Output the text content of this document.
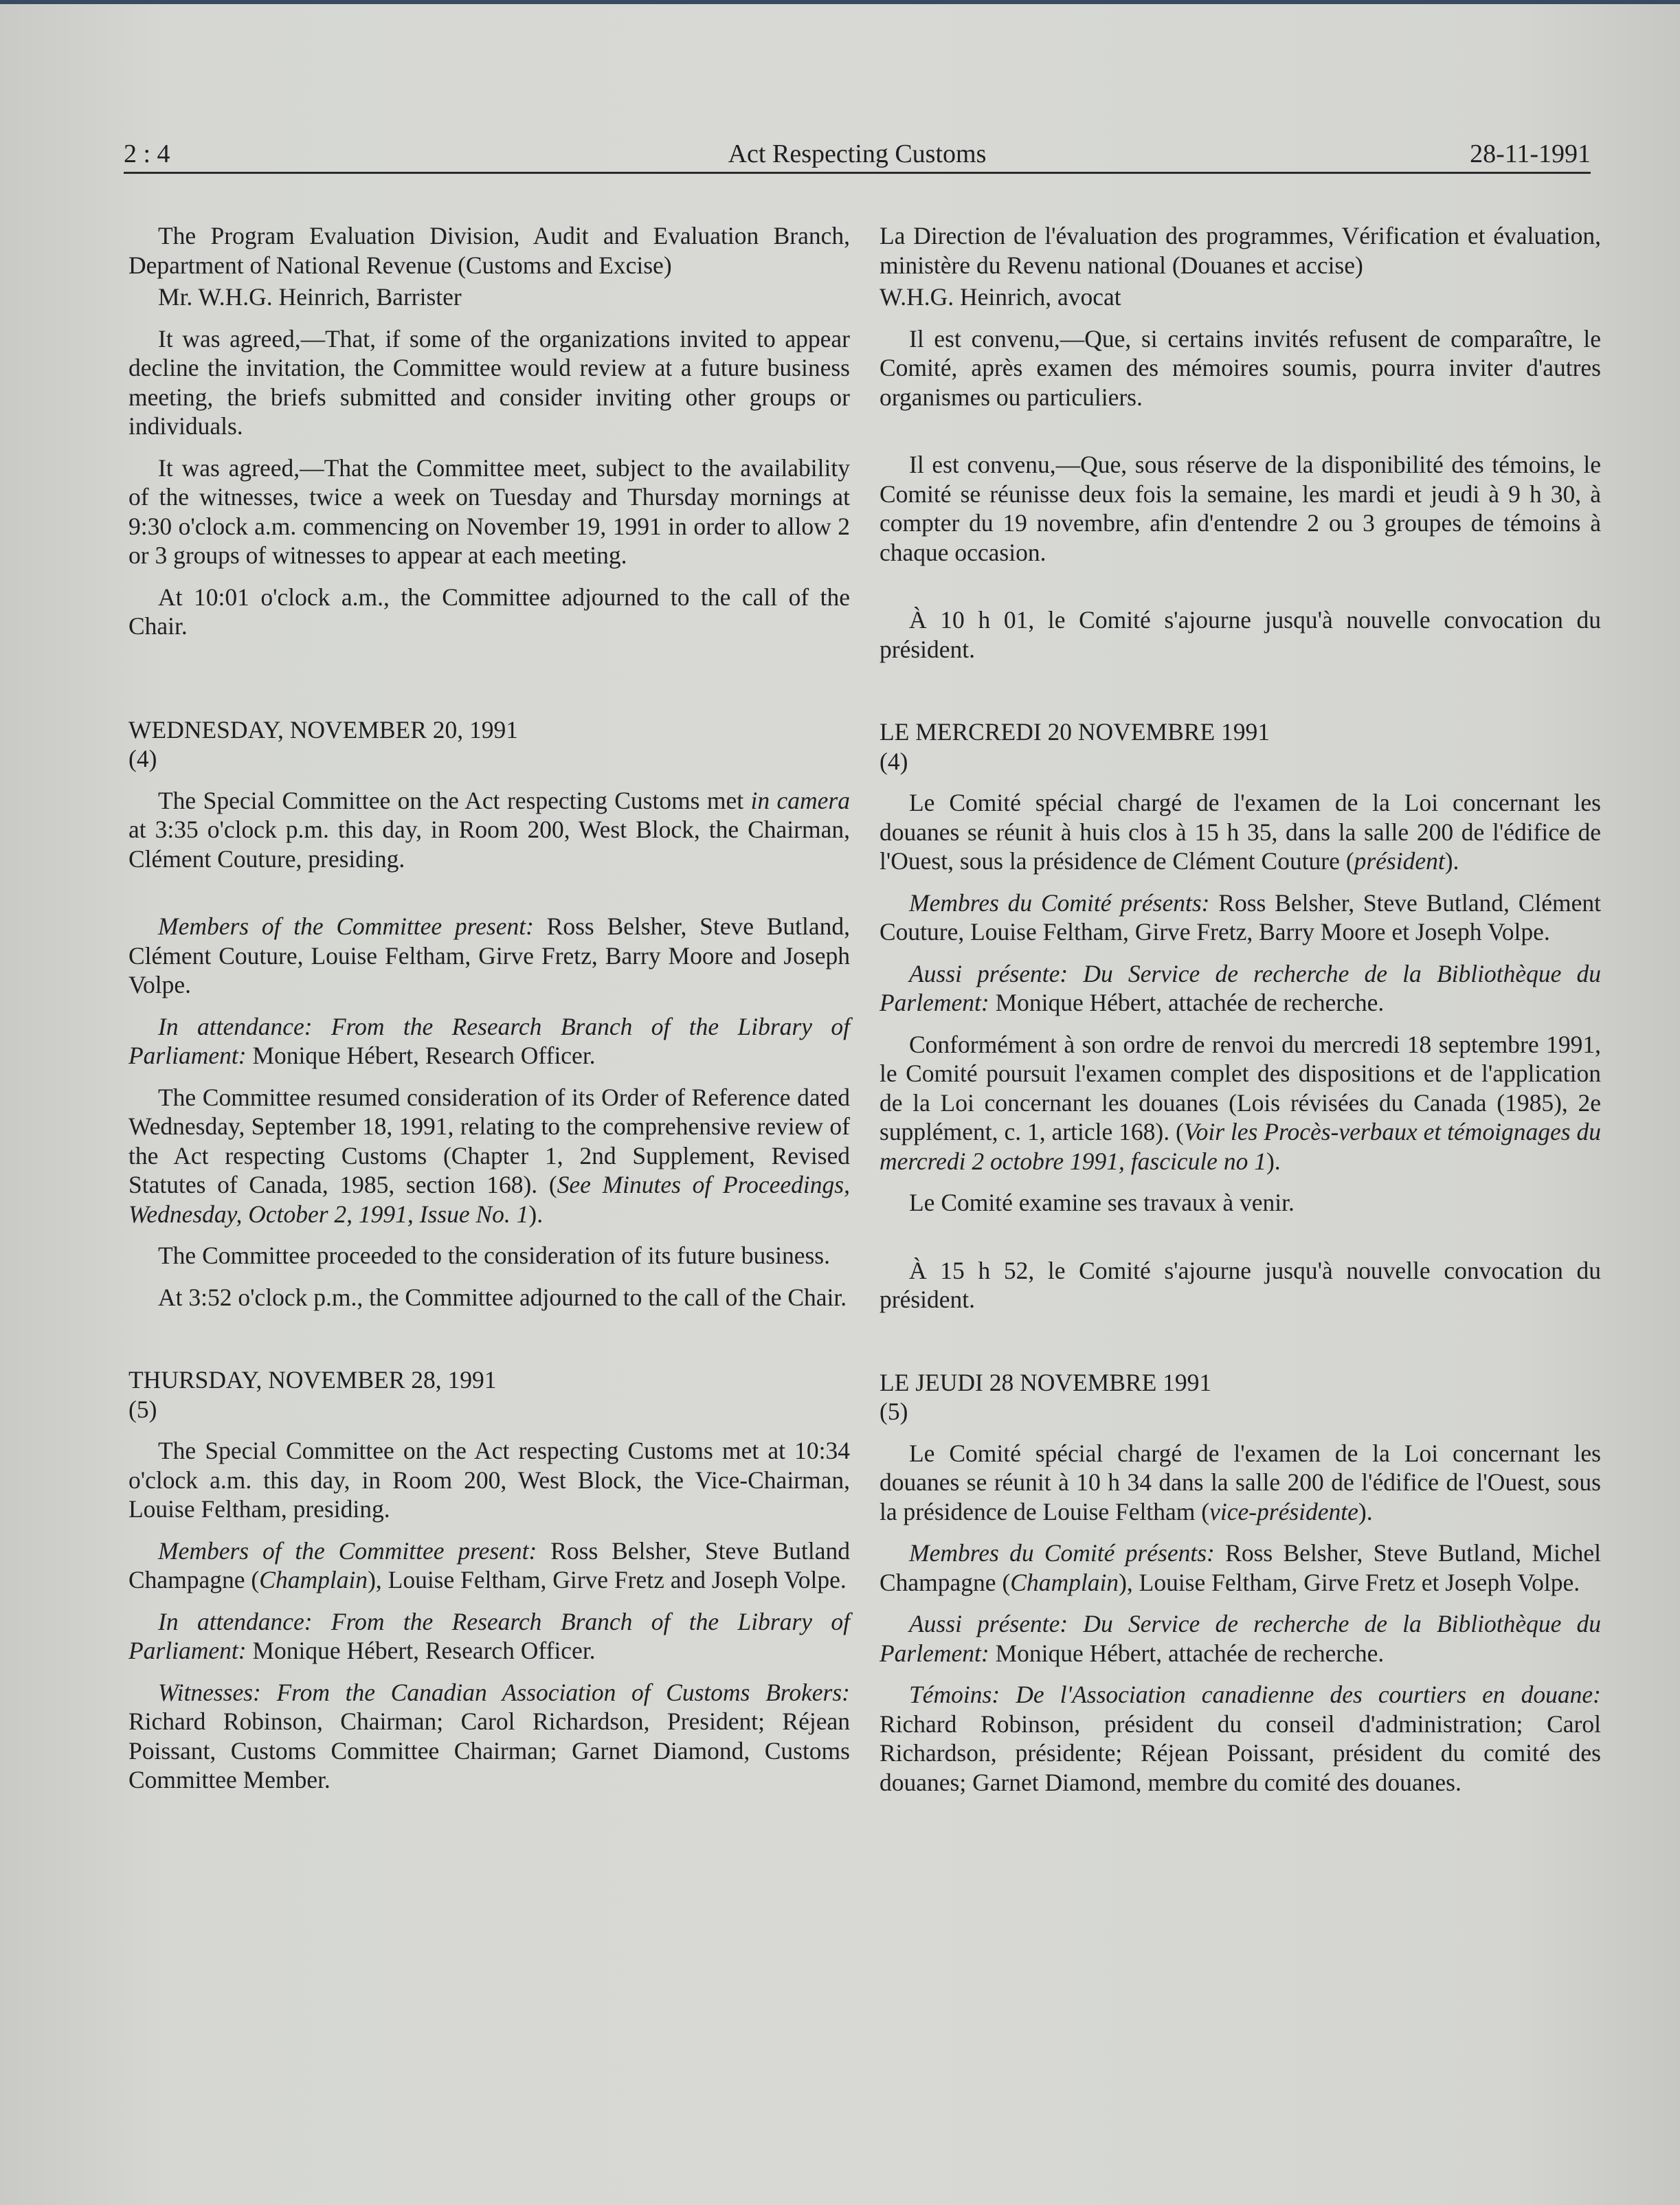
2 : 4	Act Respecting Customs	28-11-1991

The Program Evaluation Division, Audit and Evaluation Branch, Department of National Revenue (Customs and Excise)

Mr. W.H.G. Heinrich, Barrister

It was agreed,—That, if some of the organizations invited to appear decline the invitation, the Committee would review at a future business meeting, the briefs submitted and consider inviting other groups or individuals.

It was agreed,—That the Committee meet, subject to the availability of the witnesses, twice a week on Tuesday and Thursday mornings at 9:30 o'clock a.m. commencing on November 19, 1991 in order to allow 2 or 3 groups of witnesses to appear at each meeting.

At 10:01 o'clock a.m., the Committee adjourned to the call of the Chair.

WEDNESDAY, NOVEMBER 20, 1991

(4)

The Special Committee on the Act respecting Customs met in camera at 3:35 o'clock p.m. this day, in Room 200, West Block, the Chairman, Clément Couture, presiding.

Members of the Committee present: Ross Belsher, Steve Butland, Clément Couture, Louise Feltham, Girve Fretz, Barry Moore and Joseph Volpe.

In attendance: From the Research Branch of the Library of Parliament: Monique Hébert, Research Officer.

The Committee resumed consideration of its Order of Reference dated Wednesday, September 18, 1991, relating to the comprehensive review of the Act respecting Customs (Chapter 1, 2nd Supplement, Revised Statutes of Canada, 1985, section 168). (See Minutes of Proceedings, Wednesday, October 2, 1991, Issue No. 1).

The Committee proceeded to the consideration of its future business.

At 3:52 o'clock p.m., the Committee adjourned to the call of the Chair.

THURSDAY, NOVEMBER 28, 1991

(5)

The Special Committee on the Act respecting Customs met at 10:34 o'clock a.m. this day, in Room 200, West Block, the Vice-Chairman, Louise Feltham, presiding.

Members of the Committee present: Ross Belsher, Steve Butland Champagne (Champlain), Louise Feltham, Girve Fretz and Joseph Volpe.

In attendance: From the Research Branch of the Library of Parliament: Monique Hébert, Research Officer.

Witnesses: From the Canadian Association of Customs Brokers: Richard Robinson, Chairman; Carol Richardson, President; Réjean Poissant, Customs Committee Chairman; Garnet Diamond, Customs Committee Member.

La Direction de l'évaluation des programmes, Vérification et évaluation, ministère du Revenu national (Douanes et accise)

W.H.G. Heinrich, avocat

Il est convenu,—Que, si certains invités refusent de comparaître, le Comité, après examen des mémoires soumis, pourra inviter d'autres organismes ou particuliers.

Il est convenu,—Que, sous réserve de la disponibilité des témoins, le Comité se réunisse deux fois la semaine, les mardi et jeudi à 9 h 30, à compter du 19 novembre, afin d'entendre 2 ou 3 groupes de témoins à chaque occasion.

À 10 h 01, le Comité s'ajourne jusqu'à nouvelle convocation du président.

LE MERCREDI 20 NOVEMBRE 1991

(4)

Le Comité spécial chargé de l'examen de la Loi concernant les douanes se réunit à huis clos à 15 h 35, dans la salle 200 de l'édifice de l'Ouest, sous la présidence de Clément Couture (président).

Membres du Comité présents: Ross Belsher, Steve Butland, Clément Couture, Louise Feltham, Girve Fretz, Barry Moore et Joseph Volpe.

Aussi présente: Du Service de recherche de la Bibliothèque du Parlement: Monique Hébert, attachée de recherche.

Conformément à son ordre de renvoi du mercredi 18 septembre 1991, le Comité poursuit l'examen complet des dispositions et de l'application de la Loi concernant les douanes (Lois révisées du Canada (1985), 2e supplément, c. 1, article 168). (Voir les Procès-verbaux et témoignages du mercredi 2 octobre 1991, fascicule no 1).

Le Comité examine ses travaux à venir.

À 15 h 52, le Comité s'ajourne jusqu'à nouvelle convocation du président.

LE JEUDI 28 NOVEMBRE 1991

(5)

Le Comité spécial chargé de l'examen de la Loi concernant les douanes se réunit à 10 h 34 dans la salle 200 de l'édifice de l'Ouest, sous la présidence de Louise Feltham (vice-présidente).

Membres du Comité présents: Ross Belsher, Steve Butland, Michel Champagne (Champlain), Louise Feltham, Girve Fretz et Joseph Volpe.

Aussi présente: Du Service de recherche de la Bibliothèque du Parlement: Monique Hébert, attachée de recherche.

Témoins: De l'Association canadienne des courtiers en douane: Richard Robinson, président du conseil d'administration; Carol Richardson, présidente; Réjean Poissant, président du comité des douanes; Garnet Diamond, membre du comité des douanes.
